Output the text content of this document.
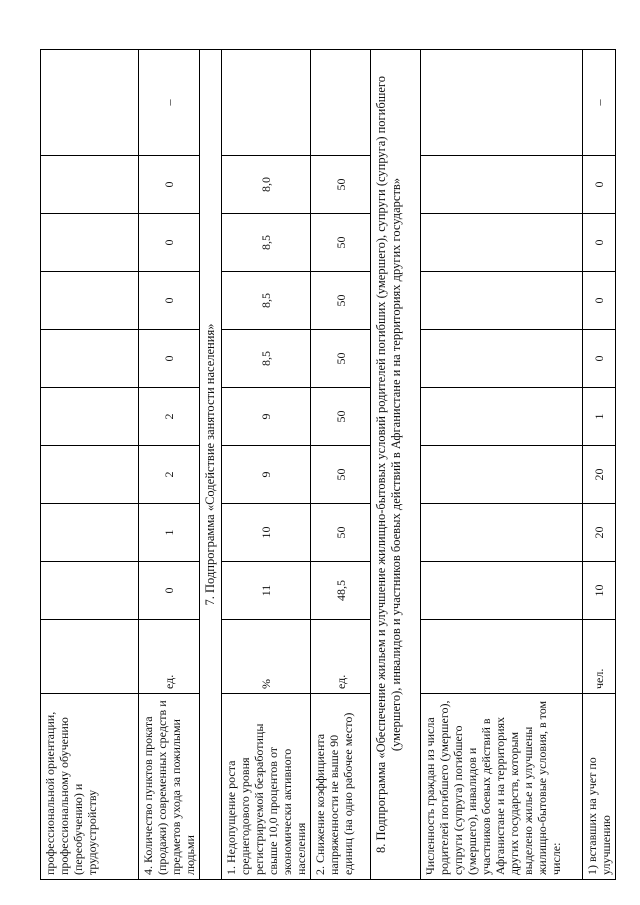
профессиональной ориентации, профессиональному обучению (переобучению) и трудоустройству										
4. Количество пунктов проката (продажи) современных средств и предметов ухода за пожилыми людьми	ед.	0	1	2	2	0	0	0	0	–
7. Подпрограмма «Содействие занятости населения»										
1. Недопущение роста среднегодового уровня регистрируемой безработицы свыше 10,0 процентов от экономически активного населения	%	11	10	9	9	8,5	8,5	8,5	8,0	
2. Снижение коэффициента напряженности не выше 90 единиц (на одно рабочее место)	ед.	48,5	50	50	50	50	50	50	50	
8. Подпрограмма «Обеспечение жильем и улучшение жилищно-бытовых условий родителей погибших (умершего), супруги (супруга) погибшего (умершего), инвалидов и участников боевых действий в Афганистане и на территориях других государств»										
Численность граждан из числа родителей погибшего (умершего), супруги (супруга) погибшего (умершего), инвалидов и участников боевых действий в Афганистане и на территориях других государств, которым выделено жилье и улучшены жилищно-бытовые условия, в том числе:										
1) вставших на учет по улучшению	чел.	10	20	20	1	0	0	0	0	–
